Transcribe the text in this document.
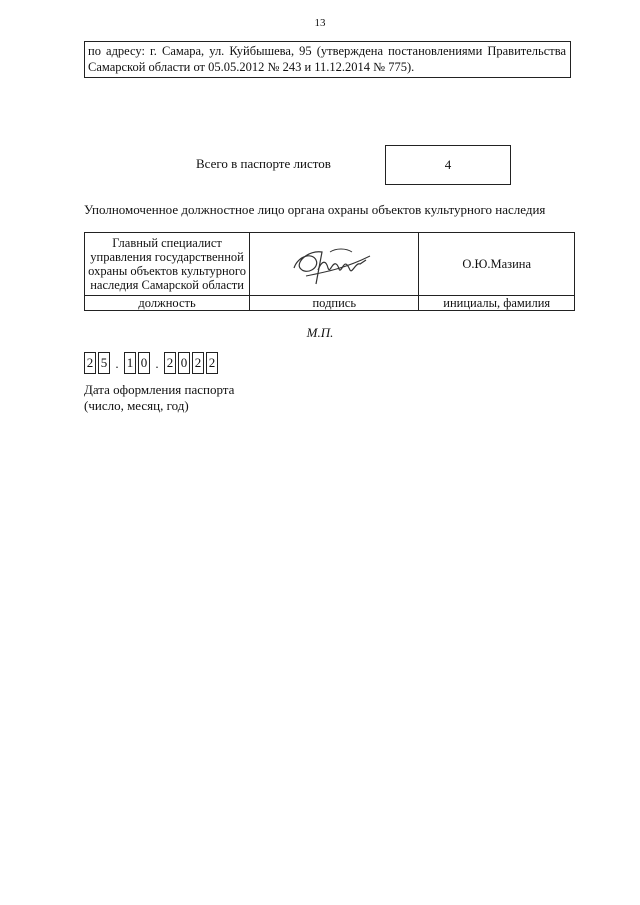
13
по адресу: г. Самара, ул. Куйбышева, 95 (утверждена постановлениями Правительства
Самарской области от 05.05.2012 № 243 и 11.12.2014 № 775).
Всего в паспорте листов	4
Уполномоченное должностное лицо органа охраны объектов культурного наследия
Главный специалист
управления государственной
охраны объектов культурного
наследия Самарской области		О.Ю.Мазина
должность	подпись	инициалы, фамилия
М.П.
2 5 . 1 0 . 2 0 2 2
Дата оформления паспорта
(число, месяц, год)
